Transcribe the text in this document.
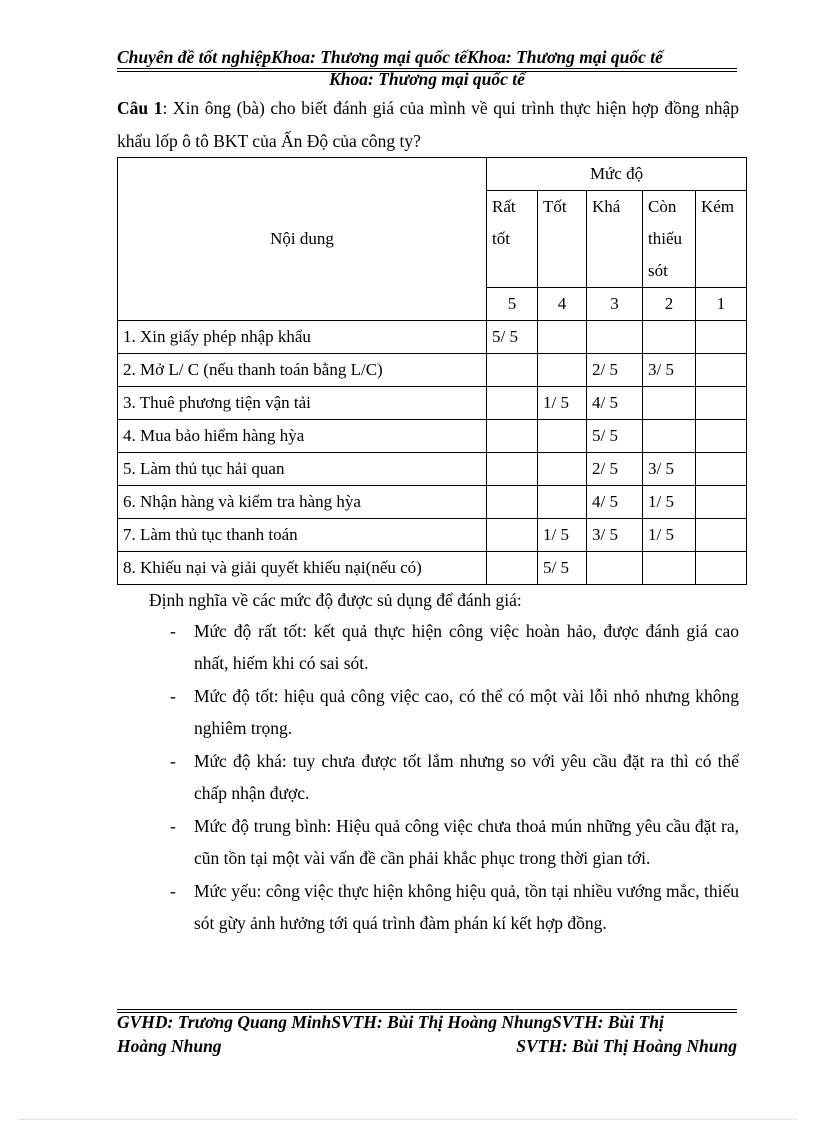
Chuyên đề tốt nghiệpKhoa: Thương mại quốc tếKhoa: Thương mại quốc tế
Khoa: Thương mại quốc tế
Câu 1: Xin ông (bà) cho biết đánh giá của mình về qui trình thực hiện hợp đồng nhập khẩu lốp ô tô BKT của Ấn Độ của công ty?
Nội dung	Mức độ				
	Rất tốt	Tốt	Khá	Còn thiếu sót	Kém
	5	4	3	2	1
1. Xin giấy phép nhập khẩu	5/ 5				
2. Mở L/ C (nếu thanh toán bằng L/C)			2/ 5	3/ 5	
3. Thuê phương tiện vận tải		1/ 5	4/ 5		
4. Mua bảo hiểm hàng hỳa			5/ 5		
5. Làm thủ tục hải quan			2/ 5	3/ 5	
6. Nhận hàng và kiểm tra hàng hỳa			4/ 5	1/ 5	
7. Làm thủ tục thanh toán		1/ 5	3/ 5	1/ 5	
8. Khiếu nại và giải quyết khiếu nại(nếu có)		5/ 5			
Định nghĩa về các mức độ được sủ dụng để đánh giá:
- Mức độ rất tốt: kết quả thực hiện công việc hoàn hảo, được đánh giá cao nhất, hiếm khi có sai sót.
- Mức độ tốt: hiệu quả công việc cao, có thể có một vài lỗi nhỏ nhưng không nghiêm trọng.
- Mức độ khá: tuy chưa được tốt lắm nhưng so với yêu cầu đặt ra thì có thể chấp nhận được.
- Mức độ trung bình: Hiệu quả công việc chưa thoả mún những yêu cầu đặt ra, cũn tồn tại một vài vấn đề cần phải khắc phục trong thời gian tới.
- Mức yếu: công việc thực hiện không hiệu quả, tồn tại nhiều vướng mắc, thiếu sót gừy ảnh hưởng tới quá trình đàm phán kí kết hợp đồng.
GVHD: Trương Quang MinhSVTH: Bùi Thị Hoàng NhungSVTH: Bùi Thị
Hoàng Nhung	SVTH: Bùi Thị Hoàng Nhung
